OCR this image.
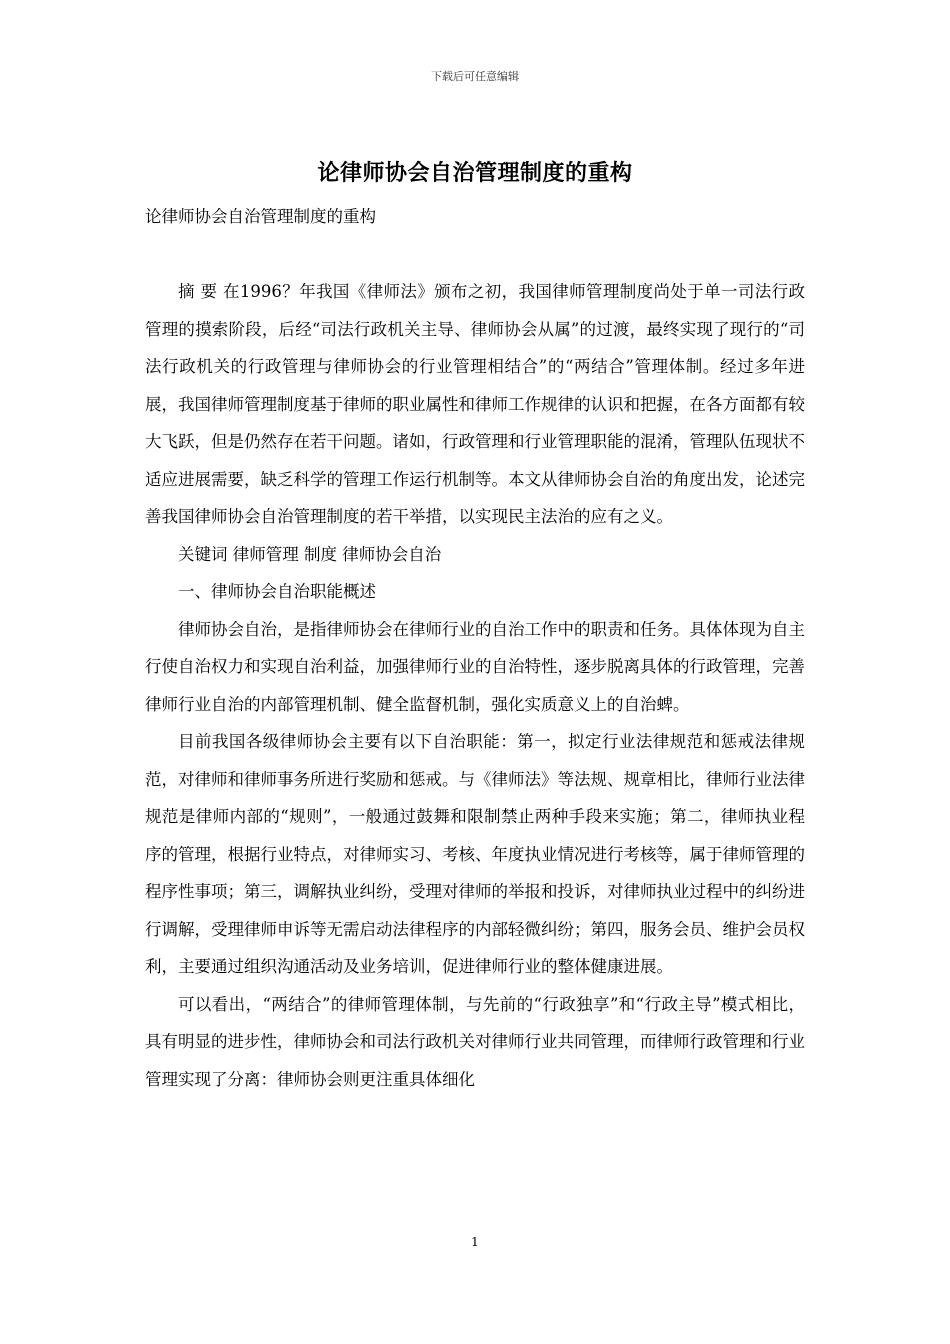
下载后可任意编辑
论律师协会自治管理制度的重构
论律师协会自治管理制度的重构

摘 要 在1996？年我国《律师法》颁布之初，我国律师管理制度尚处于单一司法行政管理的摸索阶段，后经“司法行政机关主导、律师协会从属”的过渡，最终实现了现行的“司法行政机关的行政管理与律师协会的行业管理相结合”的“两结合”管理体制。经过多年进展，我国律师管理制度基于律师的职业属性和律师工作规律的认识和把握，在各方面都有较大飞跃，但是仍然存在若干问题。诸如，行政管理和行业管理职能的混淆，管理队伍现状不适应进展需要，缺乏科学的管理工作运行机制等。本文从律师协会自治的角度出发，论述完善我国律师协会自治管理制度的若干举措，以实现民主法治的应有之义。

关键词 律师管理 制度 律师协会自治

一、律师协会自治职能概述

律师协会自治，是指律师协会在律师行业的自治工作中的职责和任务。具体体现为自主行使自治权力和实现自治利益，加强律师行业的自治特性，逐步脱离具体的行政管理，完善律师行业自治的内部管理机制、健全监督机制，强化实质意义上的自治蜱。

目前我国各级律师协会主要有以下自治职能：第一，拟定行业法律规范和惩戒法律规范，对律师和律师事务所进行奖励和惩戒。与《律师法》等法规、规章相比，律师行业法律规范是律师内部的“规则”，一般通过鼓舞和限制禁止两种手段来实施；第二，律师执业程序的管理，根据行业特点，对律师实习、考核、年度执业情况进行考核等，属于律师管理的程序性事项；第三，调解执业纠纷，受理对律师的举报和投诉，对律师执业过程中的纠纷进行调解，受理律师申诉等无需启动法律程序的内部轻微纠纷；第四，服务会员、维护会员权利，主要通过组织沟通活动及业务培训，促进律师行业的整体健康进展。

可以看出，“两结合”的律师管理体制，与先前的“行政独享”和“行政主导”模式相比，具有明显的进步性，律师协会和司法行政机关对律师行业共同管理，而律师行政管理和行业管理实现了分离：律师协会则更注重具体细化

1
